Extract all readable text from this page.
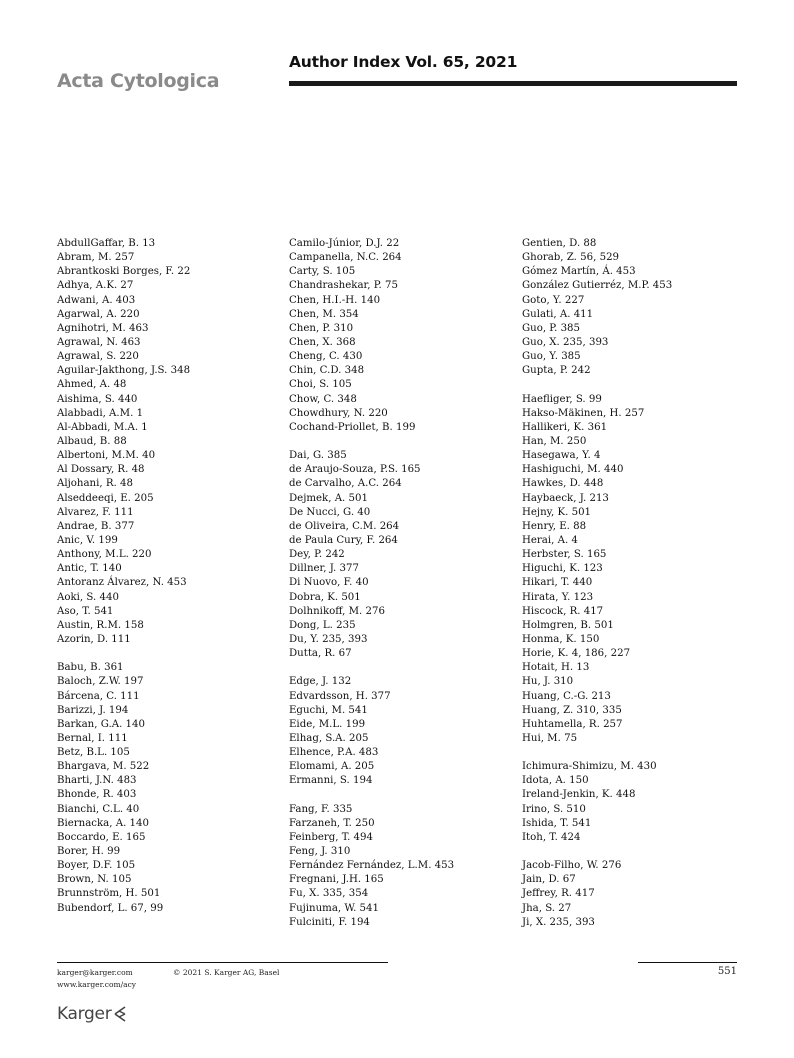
Acta Cytologica
Author Index Vol. 65, 2021
AbdullGaffar, B. 13
Abram, M. 257
Abrantkoski Borges, F. 22
Adhya, A.K. 27
Adwani, A. 403
Agarwal, A. 220
Agnihotri, M. 463
Agrawal, N. 463
Agrawal, S. 220
Aguilar-Jakthong, J.S. 348
Ahmed, A. 48
Aishima, S. 440
Alabbadi, A.M. 1
Al-Abbadi, M.A. 1
Albaud, B. 88
Albertoni, M.M. 40
Al Dossary, R. 48
Aljohani, R. 48
Alseddeeqi, E. 205
Alvarez, F. 111
Andrae, B. 377
Anic, V. 199
Anthony, M.L. 220
Antic, T. 140
Antoranz Álvarez, N. 453
Aoki, S. 440
Aso, T. 541
Austin, R.M. 158
Azorin, D. 111
Babu, B. 361
Baloch, Z.W. 197
Bárcena, C. 111
Barizzi, J. 194
Barkan, G.A. 140
Bernal, I. 111
Betz, B.L. 105
Bhargava, M. 522
Bharti, J.N. 483
Bhonde, R. 403
Bianchi, C.L. 40
Biernacka, A. 140
Boccardo, E. 165
Borer, H. 99
Boyer, D.F. 105
Brown, N. 105
Brunnström, H. 501
Bubendorf, L. 67, 99
Camilo-Júnior, D.J. 22
Campanella, N.C. 264
Carty, S. 105
Chandrashekar, P. 75
Chen, H.I.-H. 140
Chen, M. 354
Chen, P. 310
Chen, X. 368
Cheng, C. 430
Chin, C.D. 348
Choi, S. 105
Chow, C. 348
Chowdhury, N. 220
Cochand-Priollet, B. 199
Dai, G. 385
de Araujo-Souza, P.S. 165
de Carvalho, A.C. 264
Dejmek, A. 501
De Nucci, G. 40
de Oliveira, C.M. 264
de Paula Cury, F. 264
Dey, P. 242
Dillner, J. 377
Di Nuovo, F. 40
Dobra, K. 501
Dolhnikoff, M. 276
Dong, L. 235
Du, Y. 235, 393
Dutta, R. 67
Edge, J. 132
Edvardsson, H. 377
Eguchi, M. 541
Eide, M.L. 199
Elhag, S.A. 205
Elhence, P.A. 483
Elomami, A. 205
Ermanni, S. 194
Fang, F. 335
Farzaneh, T. 250
Feinberg, T. 494
Feng, J. 310
Fernández Fernández, L.M. 453
Fregnani, J.H. 165
Fu, X. 335, 354
Fujinuma, W. 541
Fulciniti, F. 194
Gentien, D. 88
Ghorab, Z. 56, 529
Gómez Martín, Á. 453
González Gutierréz, M.P. 453
Goto, Y. 227
Gulati, A. 411
Guo, P. 385
Guo, X. 235, 393
Guo, Y. 385
Gupta, P. 242
Haefliger, S. 99
Hakso-Mäkinen, H. 257
Hallikeri, K. 361
Han, M. 250
Hasegawa, Y. 4
Hashiguchi, M. 440
Hawkes, D. 448
Haybaeck, J. 213
Hejny, K. 501
Henry, E. 88
Herai, A. 4
Herbster, S. 165
Higuchi, K. 123
Hikari, T. 440
Hirata, Y. 123
Hiscock, R. 417
Holmgren, B. 501
Honma, K. 150
Horie, K. 4, 186, 227
Hotait, H. 13
Hu, J. 310
Huang, C.-G. 213
Huang, Z. 310, 335
Huhtamella, R. 257
Hui, M. 75
Ichimura-Shimizu, M. 430
Idota, A. 150
Ireland-Jenkin, K. 448
Irino, S. 510
Ishida, T. 541
Itoh, T. 424
Jacob-Filho, W. 276
Jain, D. 67
Jeffrey, R. 417
Jha, S. 27
Ji, X. 235, 393
karger@karger.com	© 2021 S. Karger AG, Basel
www.karger.com/acy
551
Karger
